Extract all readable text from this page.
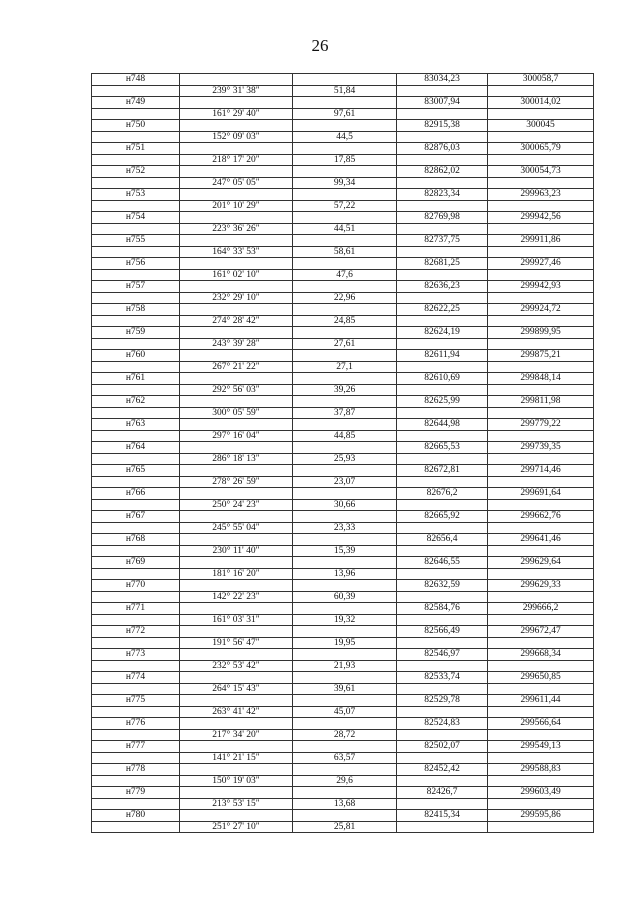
26
н748			83034,23	300058,7
	239° 31' 38"	51,84		
н749			83007,94	300014,02
	161° 29' 40"	97,61		
н750			82915,38	300045
	152° 09' 03"	44,5		
н751			82876,03	300065,79
	218° 17' 20"	17,85		
н752			82862,02	300054,73
	247° 05' 05"	99,34		
н753			82823,34	299963,23
	201° 10' 29"	57,22		
н754			82769,98	299942,56
	223° 36' 26"	44,51		
н755			82737,75	299911,86
	164° 33' 53"	58,61		
н756			82681,25	299927,46
	161° 02' 10"	47,6		
н757			82636,23	299942,93
	232° 29' 10"	22,96		
н758			82622,25	299924,72
	274° 28' 42"	24,85		
н759			82624,19	299899,95
	243° 39' 28"	27,61		
н760			82611,94	299875,21
	267° 21' 22"	27,1		
н761			82610,69	299848,14
	292° 56' 03"	39,26		
н762			82625,99	299811,98
	300° 05' 59"	37,87		
н763			82644,98	299779,22
	297° 16' 04"	44,85		
н764			82665,53	299739,35
	286° 18' 13"	25,93		
н765			82672,81	299714,46
	278° 26' 59"	23,07		
н766			82676,2	299691,64
	250° 24' 23"	30,66		
н767			82665,92	299662,76
	245° 55' 04"	23,33		
н768			82656,4	299641,46
	230° 11' 40"	15,39		
н769			82646,55	299629,64
	181° 16' 20"	13,96		
н770			82632,59	299629,33
	142° 22' 23"	60,39		
н771			82584,76	299666,2
	161° 03' 31"	19,32		
н772			82566,49	299672,47
	191° 56' 47"	19,95		
н773			82546,97	299668,34
	232° 53' 42"	21,93		
н774			82533,74	299650,85
	264° 15' 43"	39,61		
н775			82529,78	299611,44
	263° 41' 42"	45,07		
н776			82524,83	299566,64
	217° 34' 20"	28,72		
н777			82502,07	299549,13
	141° 21' 15"	63,57		
н778			82452,42	299588,83
	150° 19' 03"	29,6		
н779			82426,7	299603,49
	213° 53' 15"	13,68		
н780			82415,34	299595,86
	251° 27' 10"	25,81		
